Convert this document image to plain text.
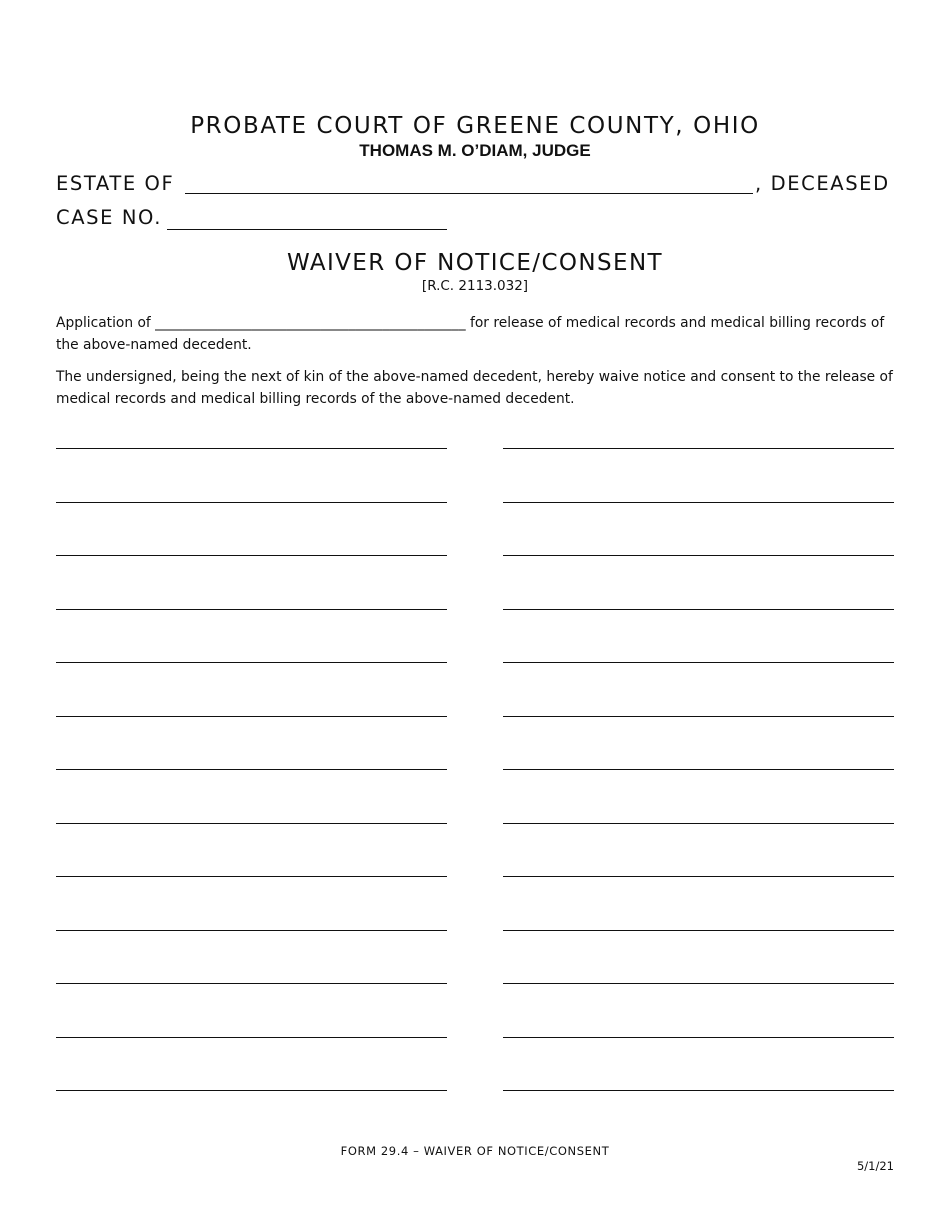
PROBATE COURT OF GREENE COUNTY, OHIO
THOMAS M. O’DIAM, JUDGE
ESTATE OF	, DECEASED
CASE NO.
WAIVER OF NOTICE/CONSENT
[R.C. 2113.032]
Application of _____________________________________________ for release of medical records and medical billing records of the above-named decedent.
The undersigned, being the next of kin of the above-named decedent, hereby waive notice and consent to the release of medical records and medical billing records of the above-named decedent.
FORM 29.4 – WAIVER OF NOTICE/CONSENT
5/1/21
